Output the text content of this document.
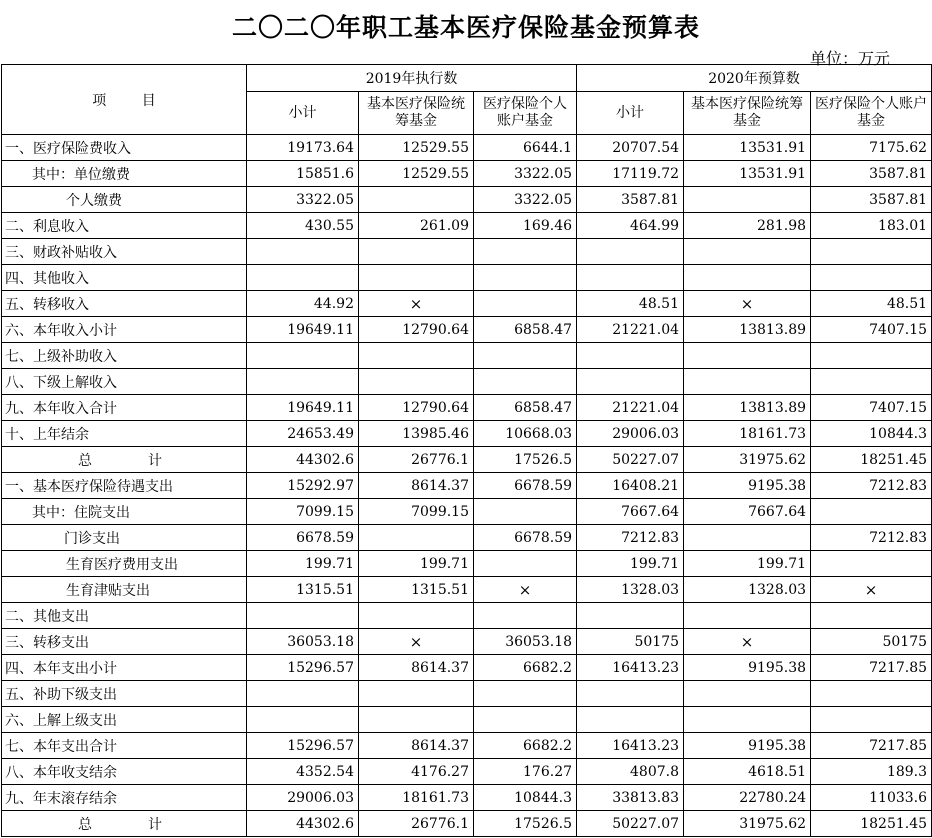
二〇二〇年职工基本医疗保险基金预算表
单位：万元
项        目	2019年执行数			2020年预算数		
	小计	基本医疗保险统筹基金	医疗保险个人账户基金	小计	基本医疗保险统筹基金	医疗保险个人账户基金
一、医疗保险费收入	19173.64	12529.55	6644.1	20707.54	13531.91	7175.62
其中：单位缴费	15851.6	12529.55	3322.05	17119.72	13531.91	3587.81
个人缴费	3322.05		3322.05	3587.81		3587.81
二、利息收入	430.55	261.09	169.46	464.99	281.98	183.01
三、财政补贴收入						
四、其他收入						
五、转移收入	44.92	×		48.51	×	48.51
六、本年收入小计	19649.11	12790.64	6858.47	21221.04	13813.89	7407.15
七、上级补助收入						
八、下级上解收入						
九、本年收入合计	19649.11	12790.64	6858.47	21221.04	13813.89	7407.15
十、上年结余	24653.49	13985.46	10668.03	29006.03	18161.73	10844.3
总 计	44302.6	26776.1	17526.5	50227.07	31975.62	18251.45
一、基本医疗保险待遇支出	15292.97	8614.37	6678.59	16408.21	9195.38	7212.83
其中：住院支出	7099.15	7099.15		7667.64	7667.64	
门诊支出	6678.59		6678.59	7212.83		7212.83
生育医疗费用支出	199.71	199.71		199.71	199.71	
生育津贴支出	1315.51	1315.51	×	1328.03	1328.03	×
二、其他支出						
三、转移支出	36053.18	×	36053.18	50175	×	50175
四、本年支出小计	15296.57	8614.37	6682.2	16413.23	9195.38	7217.85
五、补助下级支出						
六、上解上级支出						
七、本年支出合计	15296.57	8614.37	6682.2	16413.23	9195.38	7217.85
八、本年收支结余	4352.54	4176.27	176.27	4807.8	4618.51	189.3
九、年末滚存结余	29006.03	18161.73	10844.3	33813.83	22780.24	11033.6
总 计	44302.6	26776.1	17526.5	50227.07	31975.62	18251.45
